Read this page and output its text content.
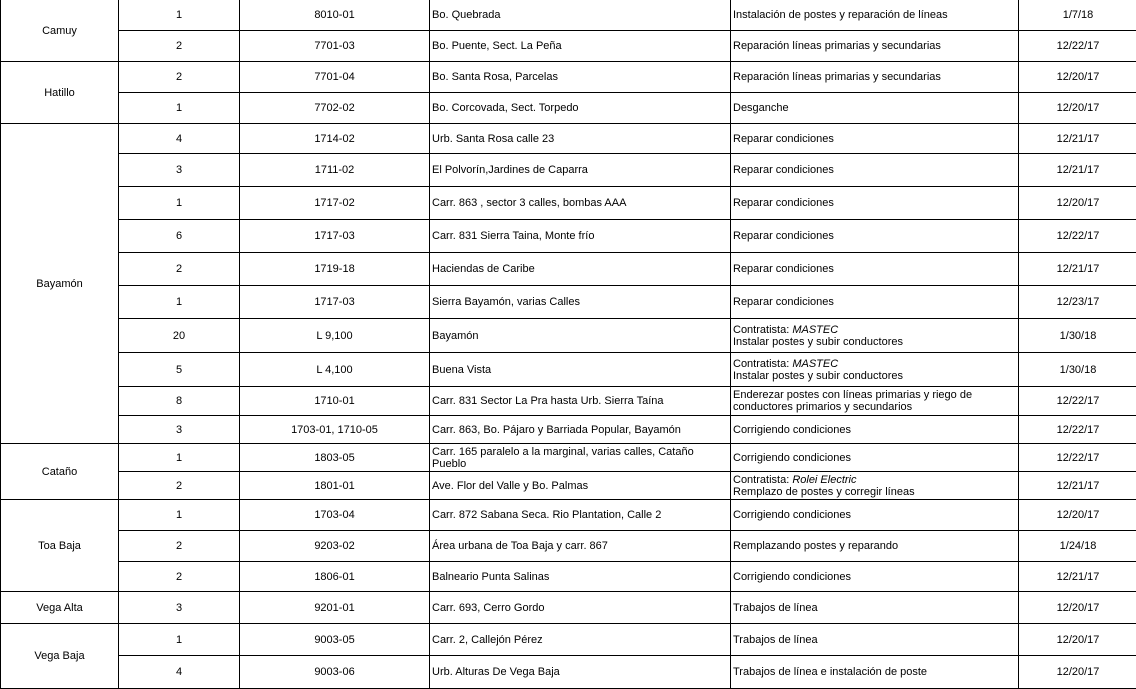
Camuy	1	8010-01	Bo. Quebrada	Instalación de postes y reparación de líneas	1/7/18
	2	7701-03	Bo. Puente, Sect. La Peña	Reparación líneas primarias y secundarias	12/22/17
Hatillo	2	7701-04	Bo. Santa Rosa, Parcelas	Reparación líneas primarias y secundarias	12/20/17
	1	7702-02	Bo. Corcovada, Sect. Torpedo	Desganche	12/20/17
Bayamón	4	1714-02	Urb. Santa Rosa calle 23	Reparar condiciones	12/21/17
	3	1711-02	El Polvorín,Jardines de Caparra	Reparar condiciones	12/21/17
	1	1717-02	Carr. 863 , sector 3 calles, bombas AAA	Reparar condiciones	12/20/17
	6	1717-03	Carr. 831 Sierra Taina, Monte frío	Reparar condiciones	12/22/17
	2	1719-18	Haciendas de Caribe	Reparar condiciones	12/21/17
	1	1717-03	Sierra Bayamón, varias Calles	Reparar condiciones	12/23/17
	20	L 9,100	Bayamón	Contratista: MASTEC
Instalar postes y subir conductores	1/30/18
	5	L 4,100	Buena Vista	Contratista: MASTEC
Instalar postes y subir conductores	1/30/18
	8	1710-01	Carr. 831 Sector La Pra hasta Urb. Sierra Taína	Enderezar postes con líneas primarias y riego de
conductores primarios y secundarios	12/22/17
	3	1703-01, 1710-05	Carr. 863, Bo. Pájaro y Barriada Popular, Bayamón	Corrigiendo condiciones	12/22/17
Cataño	1	1803-05	Carr. 165 paralelo a la marginal, varias calles, Cataño
Pueblo	Corrigiendo condiciones	12/22/17
	2	1801-01	Ave. Flor del Valle y Bo. Palmas	Contratista: Rolei Electric
Remplazo de postes y corregir líneas	12/21/17
Toa Baja	1	1703-04	Carr. 872 Sabana Seca. Rio Plantation, Calle 2	Corrigiendo condiciones	12/20/17
	2	9203-02	Área urbana de Toa Baja y carr. 867	Remplazando postes y reparando	1/24/18
	2	1806-01	Balneario Punta Salinas	Corrigiendo condiciones	12/21/17
Vega Alta	3	9201-01	Carr. 693, Cerro Gordo	Trabajos de línea	12/20/17
Vega Baja	1	9003-05	Carr. 2, Callejón Pérez	Trabajos de línea	12/20/17
	4	9003-06	Urb. Alturas De Vega Baja	Trabajos de línea e instalación de poste	12/20/17
